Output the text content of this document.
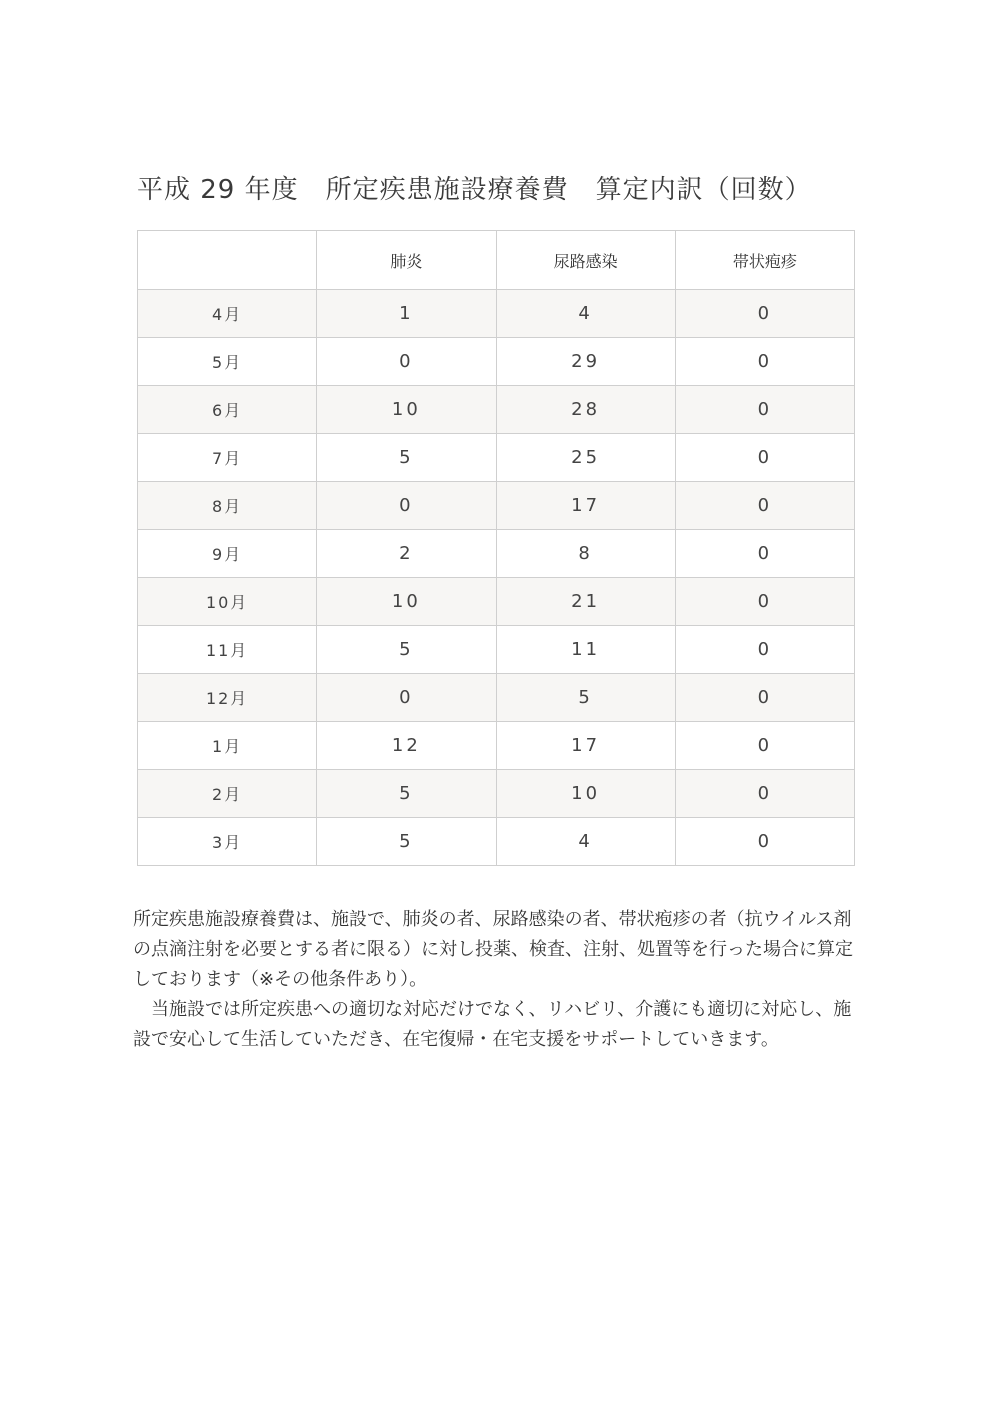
平成 29 年度　所定疾患施設療養費　算定内訳（回数）
	肺炎	尿路感染	帯状疱疹
4月	1	4	0
5月	0	29	0
6月	10	28	0
7月	5	25	0
8月	0	17	0
9月	2	8	0
10月	10	21	0
11月	5	11	0
12月	0	5	0
1月	12	17	0
2月	5	10	0
3月	5	4	0

所定疾患施設療養費は、施設で、肺炎の者、尿路感染の者、帯状疱疹の者（抗ウイルス剤の点滴注射を必要とする者に限る）に対し投薬、検査、注射、処置等を行った場合に算定しております（※その他条件あり）。

当施設では所定疾患への適切な対応だけでなく、リハビリ、介護にも適切に対応し、施設で安心して生活していただき、在宅復帰・在宅支援をサポートしていきます。
